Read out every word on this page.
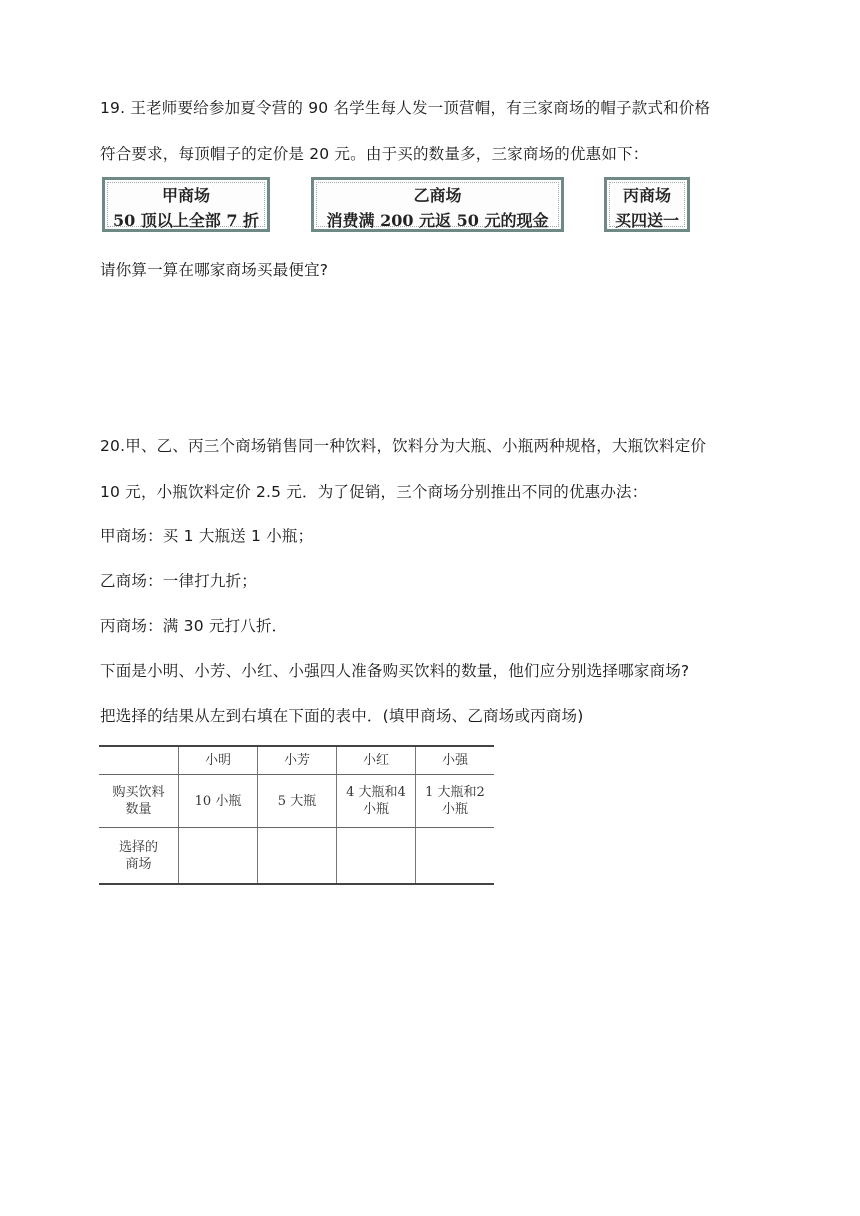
19. 王老师要给参加夏令营的 90 名学生每人发一顶营帽，有三家商场的帽子款式和价格
符合要求，每顶帽子的定价是 20 元。由于买的数量多，三家商场的优惠如下：
甲商场
50 顶以上全部 7 折
乙商场
消费满 200 元返 50 元的现金
丙商场
买四送一
请你算一算在哪家商场买最便宜?
20.甲、乙、丙三个商场销售同一种饮料，饮料分为大瓶、小瓶两种规格，大瓶饮料定价
10 元，小瓶饮料定价 2.5 元．为了促销，三个商场分别推出不同的优惠办法：
甲商场：买 1 大瓶送 1 小瓶；
乙商场：一律打九折；
丙商场：满 30 元打八折．
下面是小明、小芳、小红、小强四人准备购买饮料的数量，他们应分别选择哪家商场?
把选择的结果从左到右填在下面的表中．(填甲商场、乙商场或丙商场)
	小明	小芳	小红	小强
购买饮料数量	10 小瓶	5 大瓶	4 大瓶和4 小瓶	1 大瓶和2 小瓶
选择的商场				
